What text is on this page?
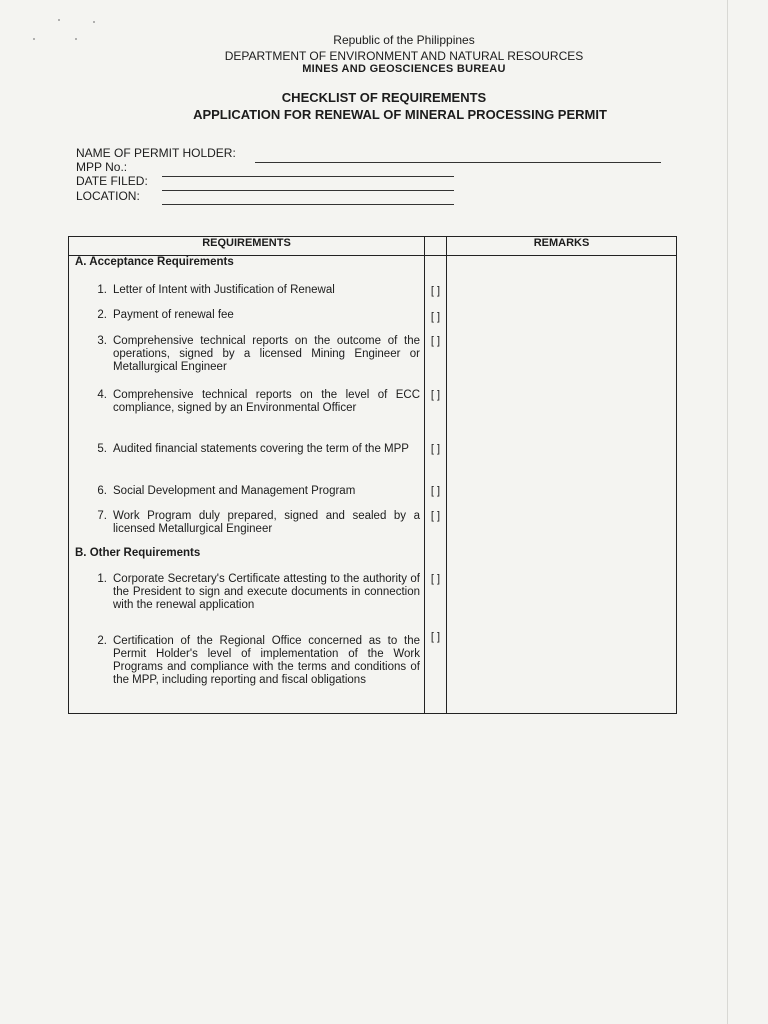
Republic of the Philippines
DEPARTMENT OF ENVIRONMENT AND NATURAL RESOURCES
MINES AND GEOSCIENCES BUREAU
CHECKLIST OF REQUIREMENTS
APPLICATION FOR RENEWAL OF MINERAL PROCESSING PERMIT
NAME OF PERMIT HOLDER:
MPP No.:
DATE FILED:
LOCATION:
REQUIREMENTS		REMARKS

A. Acceptance Requirements		

1. Letter of Intent with Justification of Renewal	[ ]	

2. Payment of renewal fee	[ ]	

3. Comprehensive technical reports on the outcome of the operations, signed by a licensed Mining Engineer or Metallurgical Engineer	[ ]	

4. Comprehensive technical reports on the level of ECC compliance, signed by an Environmental Officer	[ ]	

5. Audited financial statements covering the term of the MPP	[ ]	

6. Social Development and Management Program	[ ]	

7. Work Program duly prepared, signed and sealed by a licensed Metallurgical Engineer	[ ]	

B. Other Requirements		

1. Corporate Secretary's Certificate attesting to the authority of the President to sign and execute documents in connection with the renewal application	[ ]	

2. Certification of the Regional Office concerned as to the Permit Holder's level of implementation of the Work Programs and compliance with the terms and conditions of the MPP, including reporting and fiscal obligations	[ ]	
